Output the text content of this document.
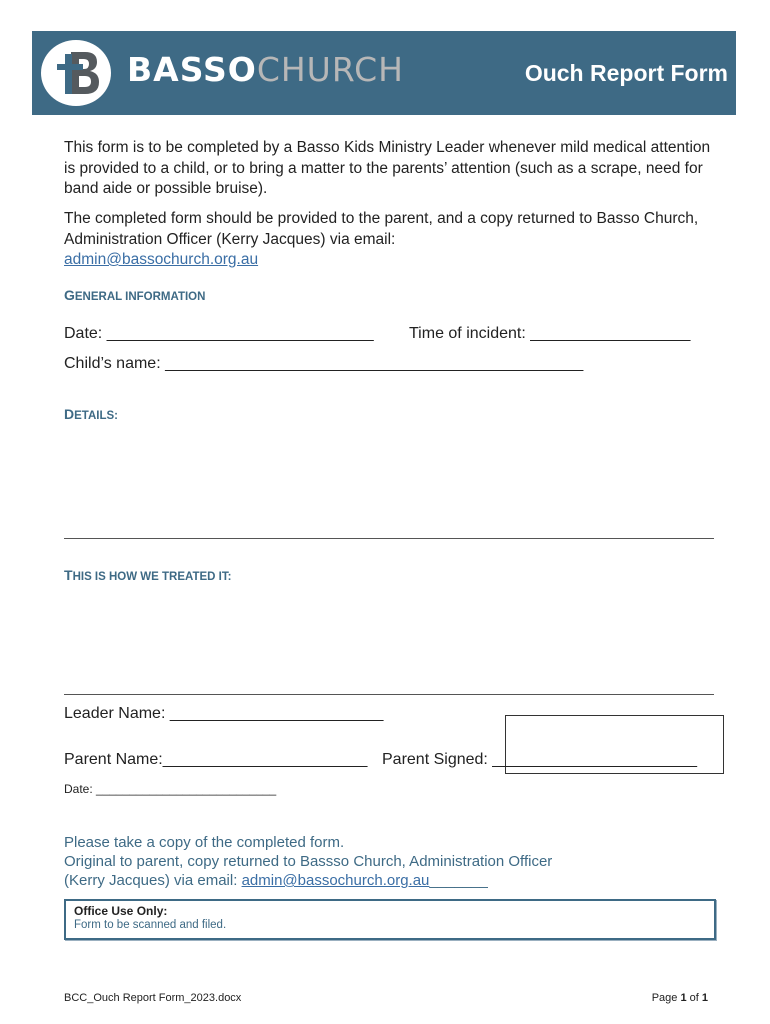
BASSO CHURCH	Ouch Report Form
This form is to be completed by a Basso Kids Ministry Leader whenever mild medical attention is provided to a child, or to bring a matter to the parents’ attention (such as a scrape, need for band aide or possible bruise).
The completed form should be provided to the parent, and a copy returned to Basso Church, Administration Officer (Kerry Jacques) via email:
admin@bassochurch.org.au
GENERAL INFORMATION
Date: ______________________________ Time of incident: __________________
Child’s name: _______________________________________________
DETAILS:
THIS IS HOW WE TREATED IT:
Leader Name: ________________________
Parent Name:_______________________ Parent Signed: _______________________
Date: ___________________________
Please take a copy of the completed form.
Original to parent, copy returned to Bassso Church, Administration Officer
(Kerry Jacques) via email: admin@bassochurch.org.au_______
Office Use Only:
Form to be scanned and filed.
BCC_Ouch Report Form_2023.docx	Page 1 of 1
